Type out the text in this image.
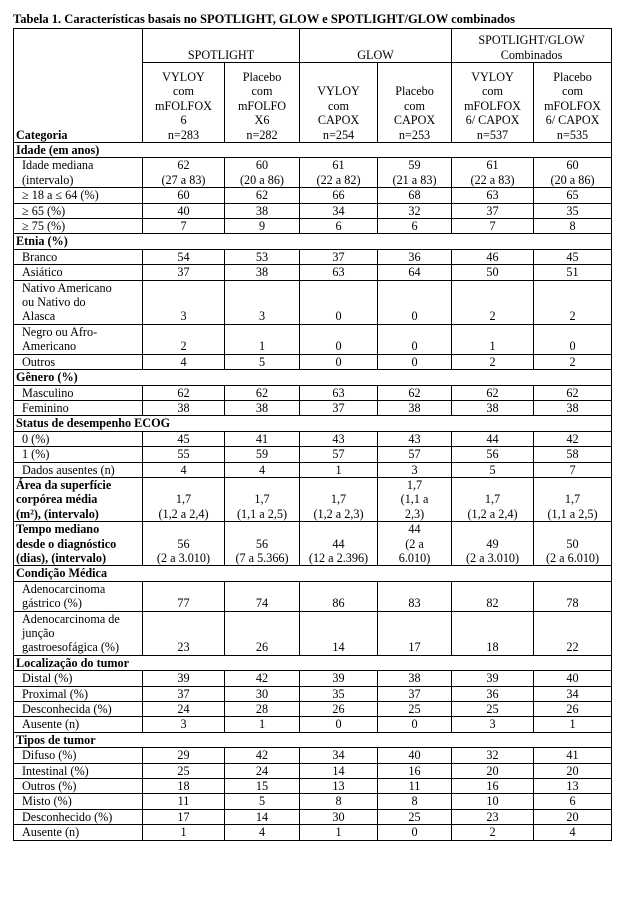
Tabela 1. Características basais no SPOTLIGHT, GLOW e SPOTLIGHT/GLOW combinados
Categoria	SPOTLIGHT		GLOW		SPOTLIGHT/GLOW
Combinados	

	VYLOY
com
mFOLFOX
6
n=283	Placebo
com
mFOLFO
X6
n=282	VYLOY
com
CAPOX
n=254	Placebo
com
CAPOX
n=253	VYLOY
com
mFOLFOX
6/ CAPOX
n=537	Placebo
com
mFOLFOX
6/ CAPOX
n=535

Idade (em anos)						

Idade mediana
(intervalo)	62
(27 a 83)	60
(20 a 86)	61
(22 a 82)	59
(21 a 83)	61
(22 a 83)	60
(20 a 86)

≥ 18 a ≤ 64 (%)	60	62	66	68	63	65

≥ 65 (%)	40	38	34	32	37	35

≥ 75 (%)	7	9	6	6	7	8

Etnia (%)						

Branco	54	53	37	36	46	45

Asiático	37	38	63	64	50	51

Nativo Americano
ou Nativo do
Alasca	3	3	0	0	2	2

Negro ou Afro-
Americano	2	1	0	0	1	0

Outros	4	5	0	0	2	2

Gênero (%)						

Masculino	62	62	63	62	62	62

Feminino	38	38	37	38	38	38

Status de desempenho ECOG						

0 (%)	45	41	43	43	44	42

1 (%)	55	59	57	57	56	58

Dados ausentes (n)	4	4	1	3	5	7

Área da superfície
corpórea média
(m²), (intervalo)	1,7
(1,2 a 2,4)	1,7
(1,1 a 2,5)	1,7
(1,2 a 2,3)	1,7
(1,1 a
2,3)	1,7
(1,2 a 2,4)	1,7
(1,1 a 2,5)

Tempo mediano
desde o diagnóstico
(dias), (intervalo)	56
(2 a 3.010)	56
(7 a 5.366)	44
(12 a 2.396)	44
(2 a
6.010)	49
(2 a 3.010)	50
(2 a 6.010)

Condição Médica						

Adenocarcinoma
gástrico (%)	77	74	86	83	82	78

Adenocarcinoma de
junção
gastroesofágica (%)	23	26	14	17	18	22

Localização do tumor						

Distal (%)	39	42	39	38	39	40

Proximal (%)	37	30	35	37	36	34

Desconhecida (%)	24	28	26	25	25	26

Ausente (n)	3	1	0	0	3	1

Tipos de tumor						

Difuso (%)	29	42	34	40	32	41

Intestinal (%)	25	24	14	16	20	20

Outros (%)	18	15	13	11	16	13

Misto (%)	11	5	8	8	10	6

Desconhecido (%)	17	14	30	25	23	20

Ausente (n)	1	4	1	0	2	4
